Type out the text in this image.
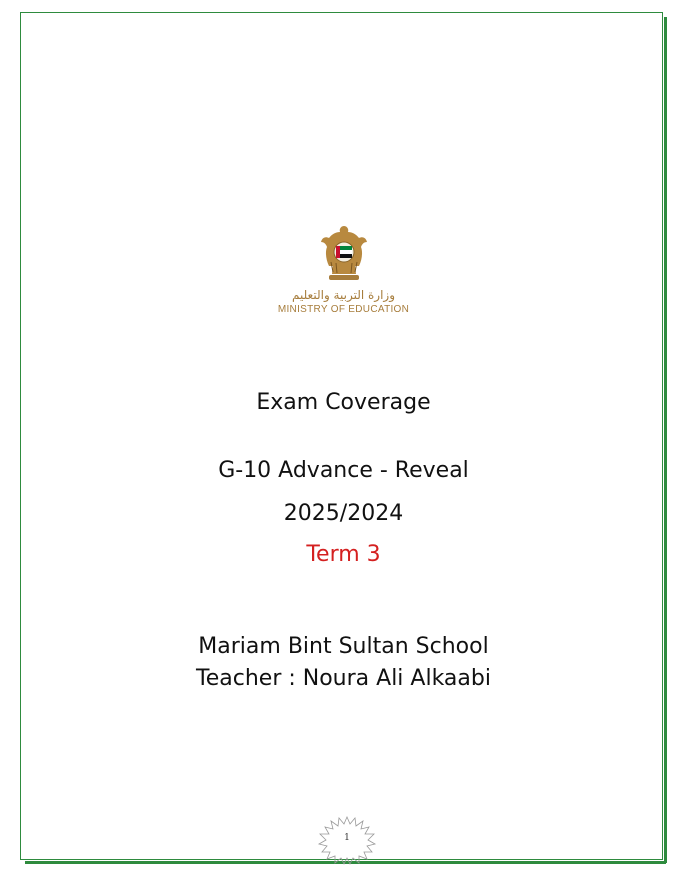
وزارة التربية والتعليم
MINISTRY OF EDUCATION
Exam Coverage
G-10 Advance - Reveal
2025/2024
Term 3
Mariam Bint Sultan School
Teacher : Noura Ali Alkaabi
1
